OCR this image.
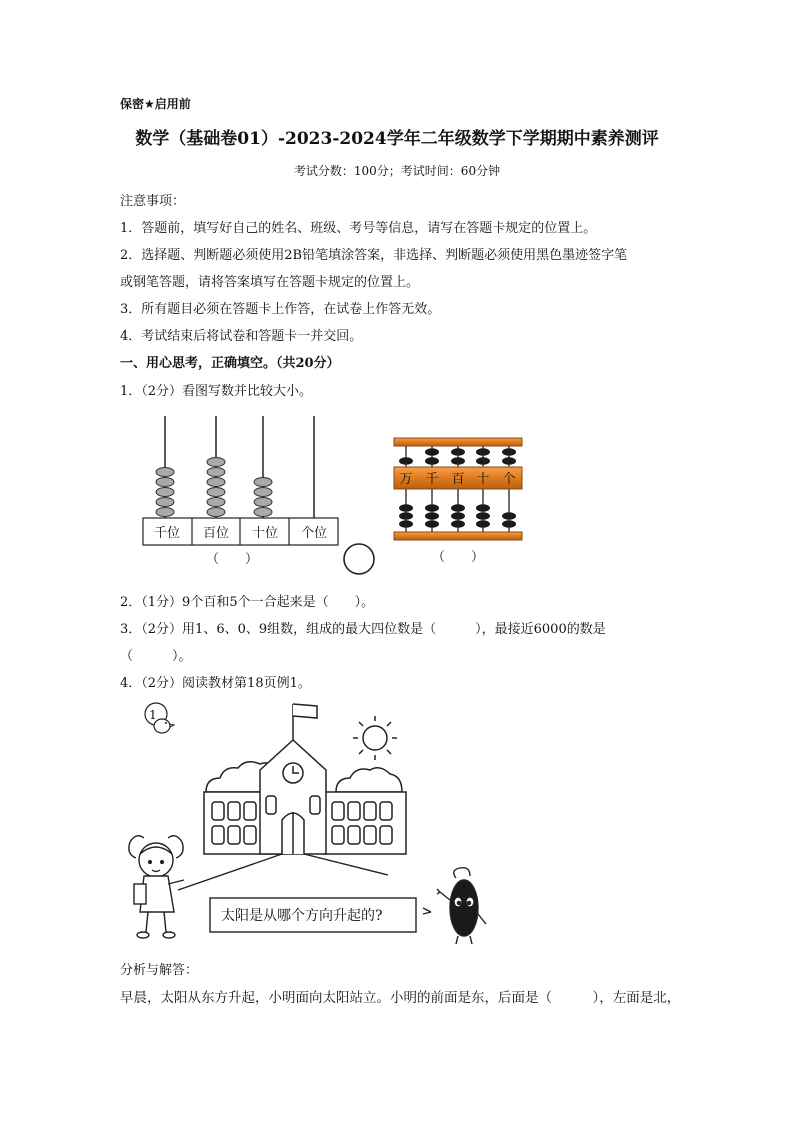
保密★启用前
数学（基础卷01）-2023-2024学年二年级数学下学期期中素养测评
考试分数：100分；考试时间：60分钟
注意事项：
1．答题前，填写好自己的姓名、班级、考号等信息，请写在答题卡规定的位置上。
2．选择题、判断题必须使用2B铅笔填涂答案，非选择、判断题必须使用黑色墨迹签字笔
或钢笔答题，请将答案填写在答题卡规定的位置上。
3．所有题目必须在答题卡上作答，在试卷上作答无效。
4．考试结束后将试卷和答题卡一并交回。
一、用心思考，正确填空。（共20分）
1．（2分）看图写数并比较大小。
千位 百位 十位 个位
（　　）
万 千 百 十 个
（　　）
2．（1分）9个百和5个一合起来是（　　）。
3．（2分）用1、6、0、9组数，组成的最大四位数是（　　　），最接近6000的数是
（　　　）。
4．（2分）阅读教材第18页例1。
1
太阳是从哪个方向升起的?
分析与解答：
早晨，太阳从东方升起，小明面向太阳站立。小明的前面是东，后面是（　　　），左面是北，
